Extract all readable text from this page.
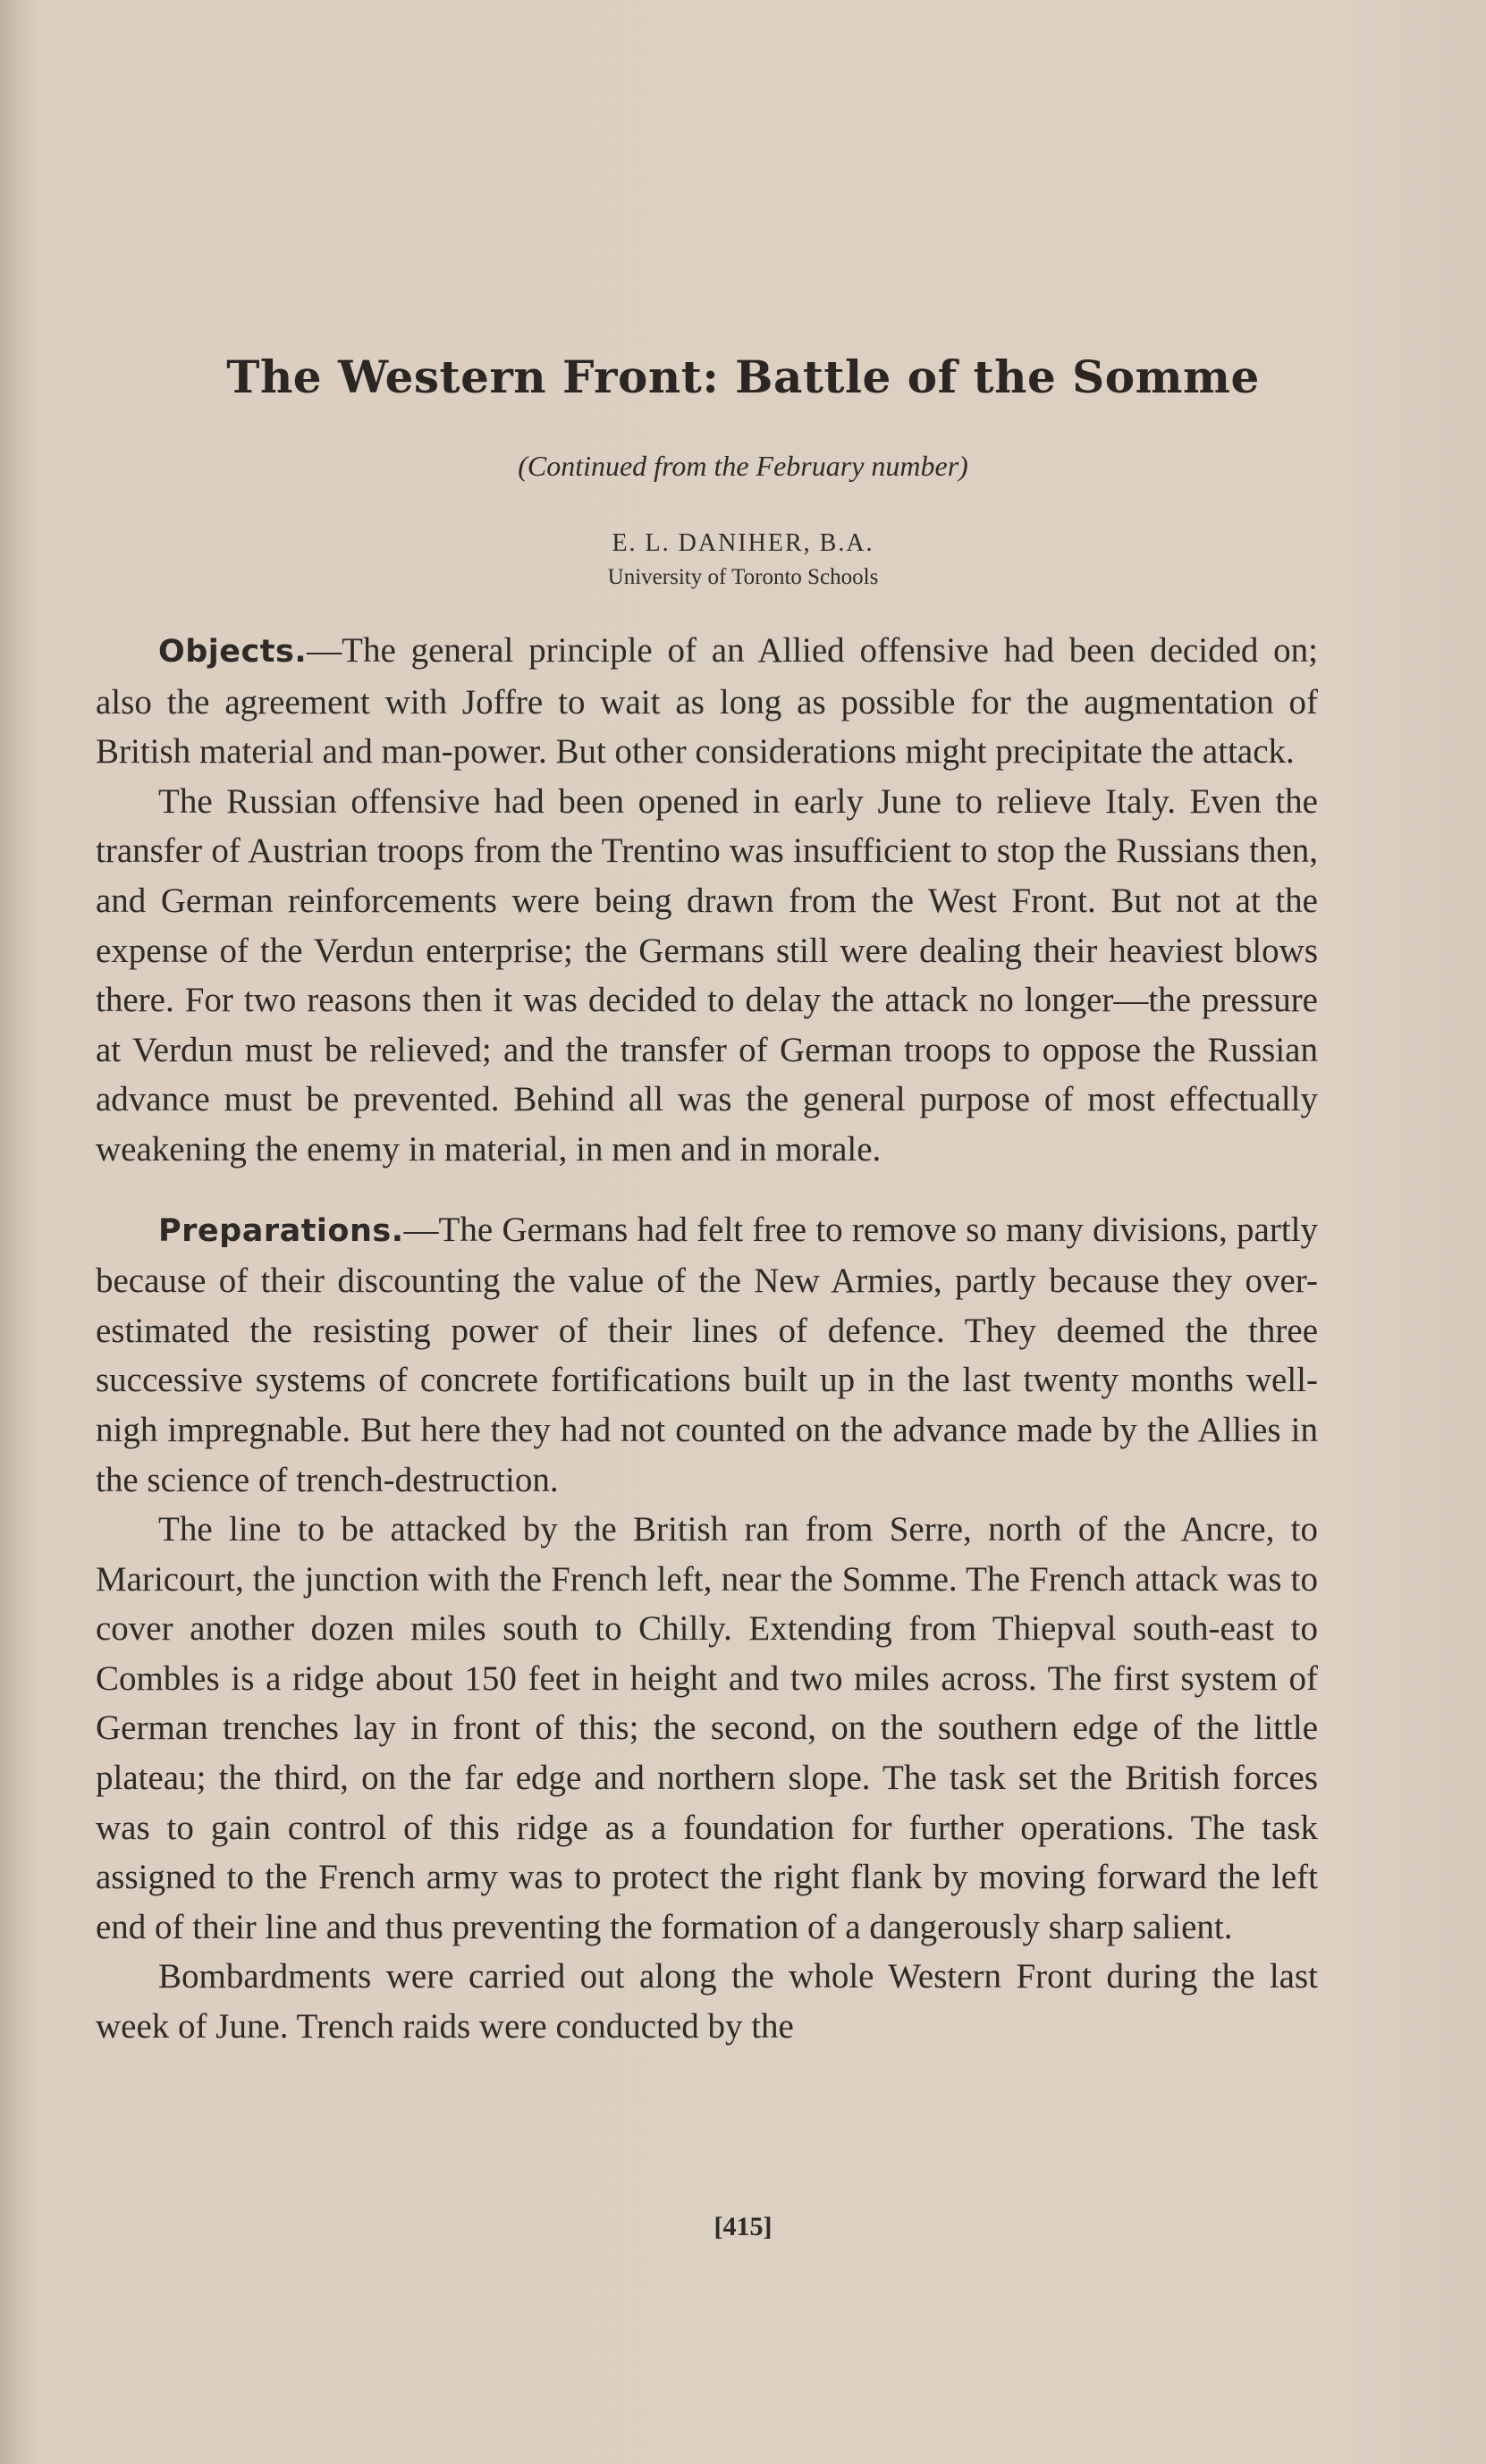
The Western Front: Battle of the Somme
(Continued from the February number)
E. L. DANIHER, B.A.
University of Toronto Schools

Objects.—The general principle of an Allied offensive had been decided on; also the agreement with Joffre to wait as long as possible for the augmentation of British material and man-power. But other considerations might precipitate the attack.

The Russian offensive had been opened in early June to relieve Italy. Even the transfer of Austrian troops from the Trentino was insufficient to stop the Russians then, and German reinforcements were being drawn from the West Front. But not at the expense of the Verdun enterprise; the Germans still were dealing their heaviest blows there. For two reasons then it was decided to delay the attack no longer—the pressure at Verdun must be relieved; and the transfer of German troops to oppose the Russian advance must be prevented. Behind all was the general purpose of most effectually weakening the enemy in material, in men and in morale.

Preparations.—The Germans had felt free to remove so many divisions, partly because of their discounting the value of the New Armies, partly because they over-estimated the resisting power of their lines of defence. They deemed the three successive systems of concrete fortifications built up in the last twenty months well-nigh impregnable. But here they had not counted on the advance made by the Allies in the science of trench-destruction.

The line to be attacked by the British ran from Serre, north of the Ancre, to Maricourt, the junction with the French left, near the Somme. The French attack was to cover another dozen miles south to Chilly. Extending from Thiepval south-east to Combles is a ridge about 150 feet in height and two miles across. The first system of German trenches lay in front of this; the second, on the southern edge of the little plateau; the third, on the far edge and northern slope. The task set the British forces was to gain control of this ridge as a foundation for further operations. The task assigned to the French army was to protect the right flank by moving forward the left end of their line and thus preventing the formation of a dangerously sharp salient.

Bombardments were carried out along the whole Western Front during the last week of June. Trench raids were conducted by the

[415]
